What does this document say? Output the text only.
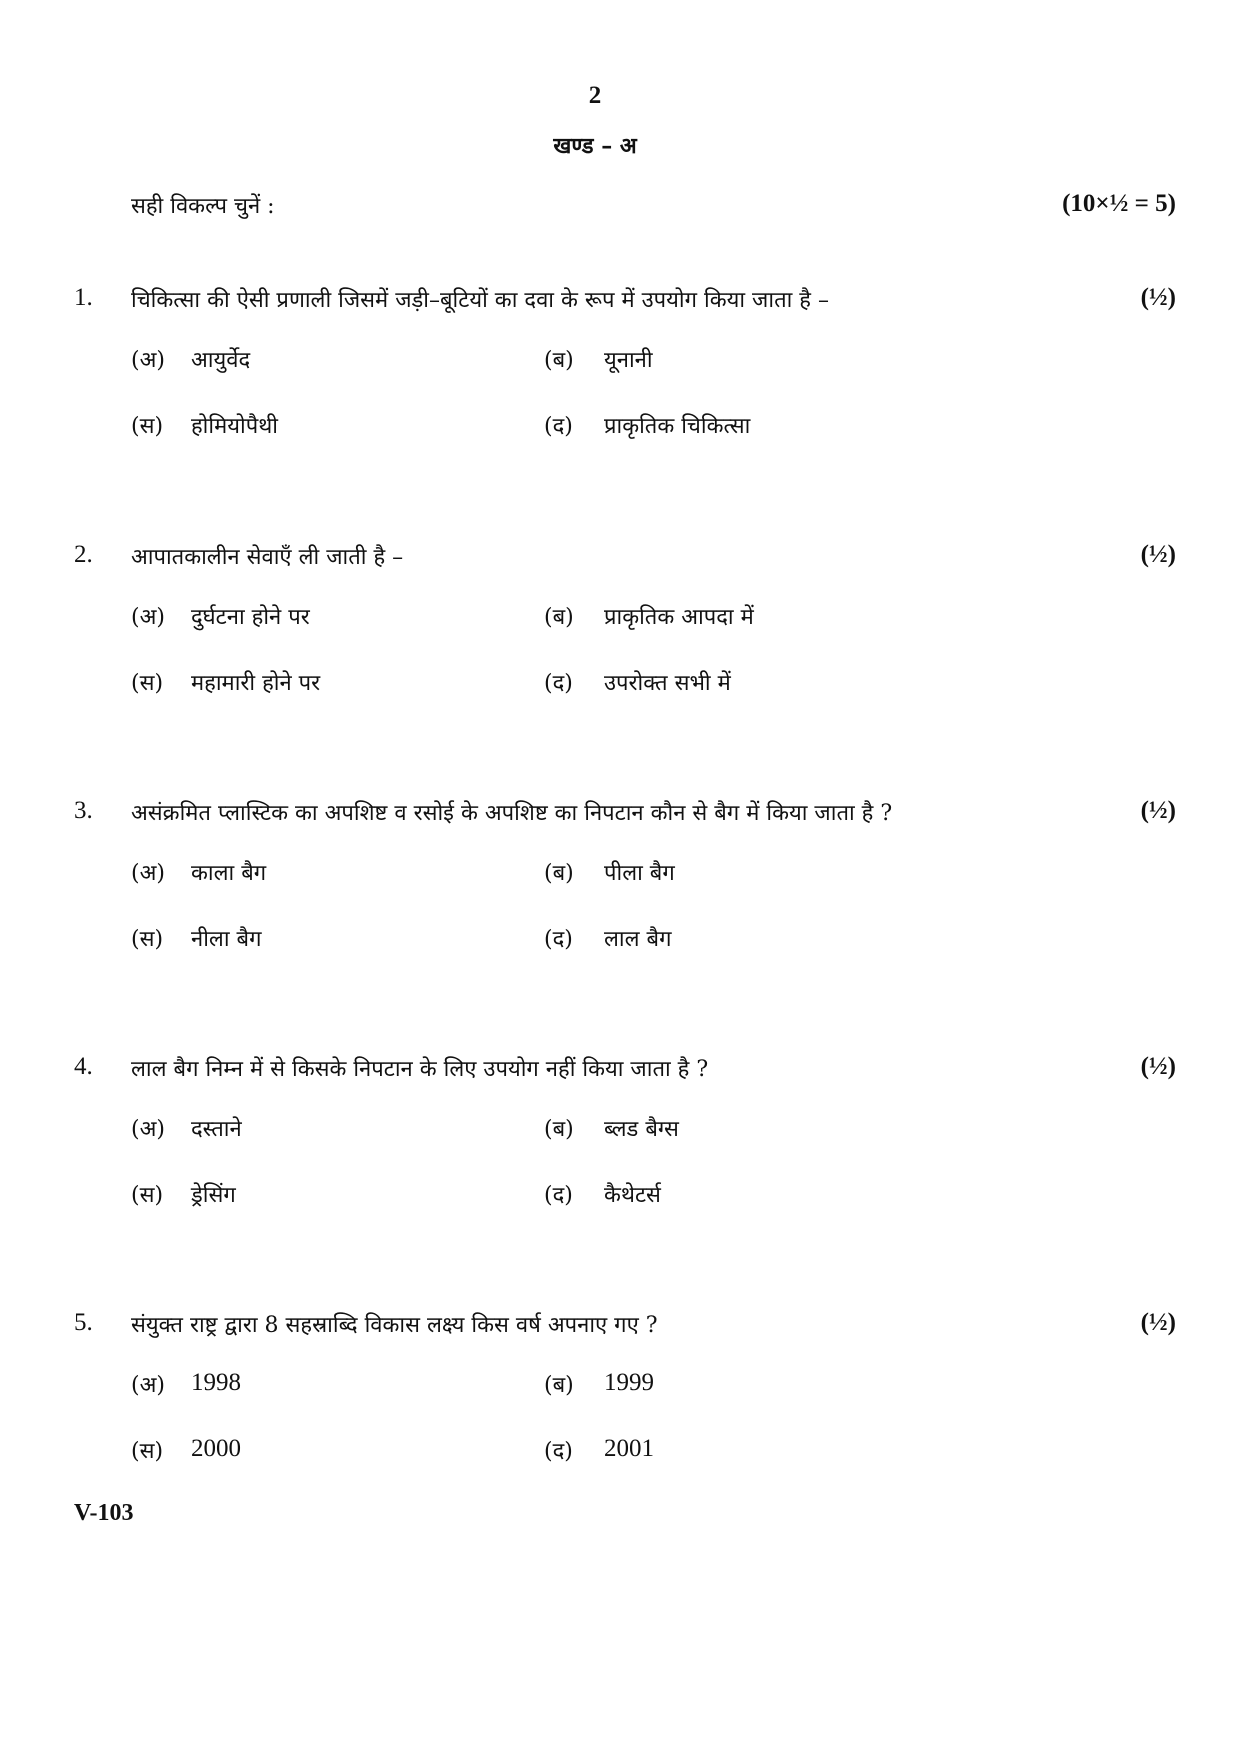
2
खण्ड – अ
सही विकल्प चुनें :	(10×½ = 5)
1. चिकित्सा की ऐसी प्रणाली जिसमें जड़ी–बूटियों का दवा के रूप में उपयोग किया जाता है –	(½)
(अ) आयुर्वेद	(ब) यूनानी
(स) होमियोपैथी	(द) प्राकृतिक चिकित्सा
2. आपातकालीन सेवाएँ ली जाती है –	(½)
(अ) दुर्घटना होने पर	(ब) प्राकृतिक आपदा में
(स) महामारी होने पर	(द) उपरोक्त सभी में
3. असंक्रमित प्लास्टिक का अपशिष्ट व रसोई के अपशिष्ट का निपटान कौन से बैग में किया जाता है ?	(½)
(अ) काला बैग	(ब) पीला बैग
(स) नीला बैग	(द) लाल बैग
4. लाल बैग निम्न में से किसके निपटान के लिए उपयोग नहीं किया जाता है ?	(½)
(अ) दस्ताने	(ब) ब्लड बैग्स
(स) ड्रेसिंग	(द) कैथेटर्स
5. संयुक्त राष्ट्र द्वारा 8 सहस्राब्दि विकास लक्ष्य किस वर्ष अपनाए गए ?	(½)
(अ) 1998	(ब) 1999
(स) 2000	(द) 2001
V-103
